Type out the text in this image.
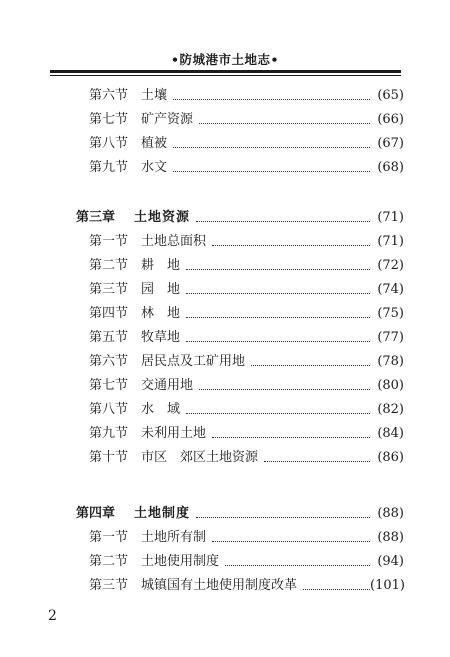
•防城港市土地志•
第六节 土壤	(65)
第七节 矿产资源	(66)
第八节 植被	(67)
第九节 水文	(68)
第三章 土地资源	(71)
第一节 土地总面积	(71)
第二节 耕　地	(72)
第三节 园　地	(74)
第四节 林　地	(75)
第五节 牧草地	(77)
第六节 居民点及工矿用地	(78)
第七节 交通用地	(80)
第八节 水　域	(82)
第九节 未利用土地	(84)
第十节 市区　郊区土地资源	(86)
第四章 土地制度	(88)
第一节 土地所有制	(88)
第二节 土地使用制度	(94)
第三节 城镇国有土地使用制度改革	(101)
2
